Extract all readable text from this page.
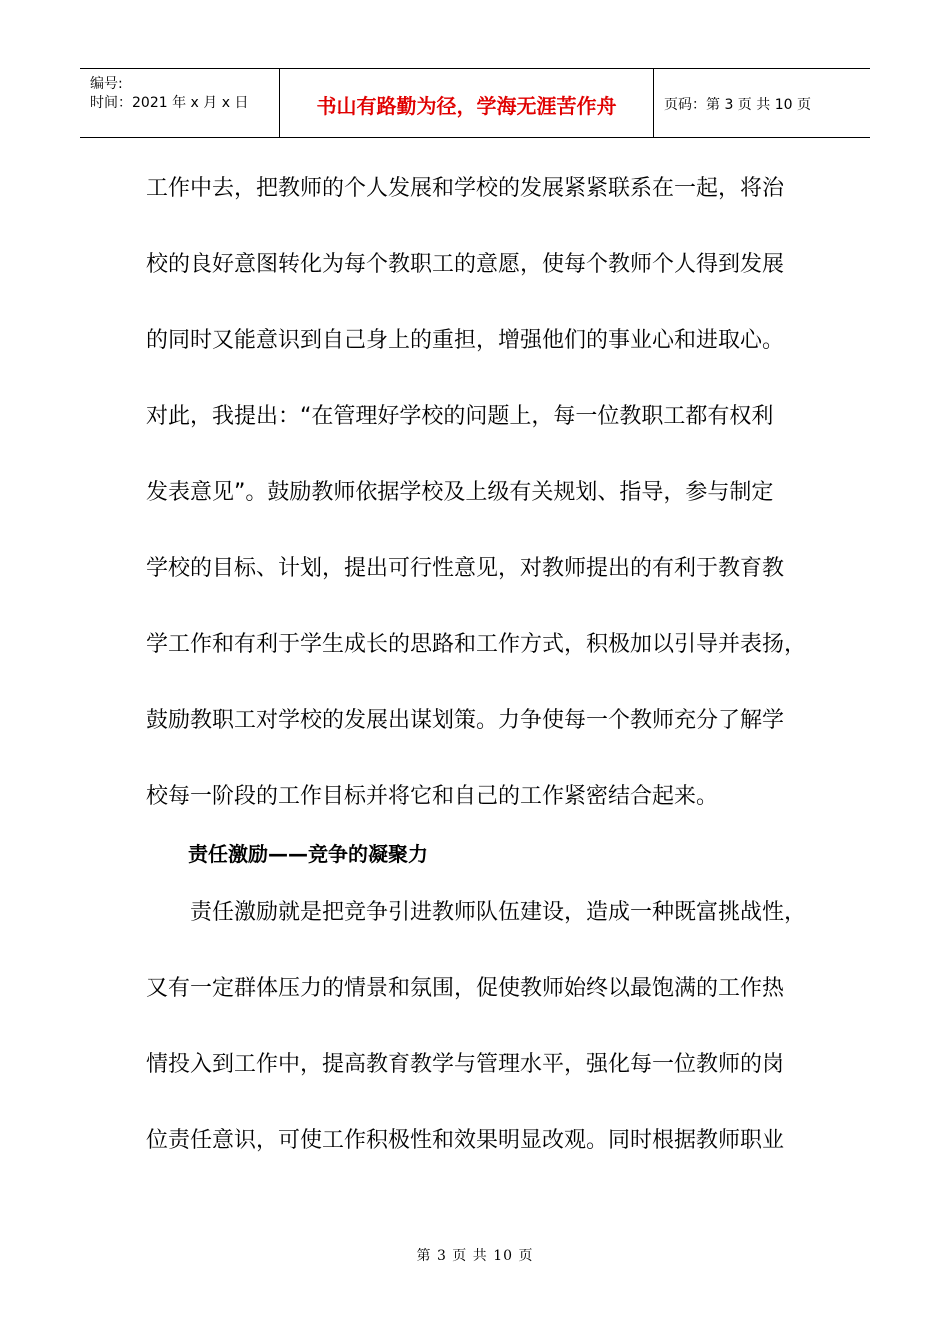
编号:
时间：2021 年 x 月 x 日	书山有路勤为径，学海无涯苦作舟	页码：第 3 页 共 10 页
工作中去，把教师的个人发展和学校的发展紧紧联系在一起，将治
校的良好意图转化为每个教职工的意愿，使每个教师个人得到发展
的同时又能意识到自己身上的重担，增强他们的事业心和进取心。
对此，我提出：“在管理好学校的问题上，每一位教职工都有权利
发表意见”。鼓励教师依据学校及上级有关规划、指导，参与制定
学校的目标、计划，提出可行性意见，对教师提出的有利于教育教
学工作和有利于学生成长的思路和工作方式，积极加以引导并表扬，
鼓励教职工对学校的发展出谋划策。力争使每一个教师充分了解学
校每一阶段的工作目标并将它和自己的工作紧密结合起来。
责任激励——竞争的凝聚力
责任激励就是把竞争引进教师队伍建设，造成一种既富挑战性，
又有一定群体压力的情景和氛围，促使教师始终以最饱满的工作热
情投入到工作中，提高教育教学与管理水平，强化每一位教师的岗
位责任意识，可使工作积极性和效果明显改观。同时根据教师职业
第 3 页 共 10 页
